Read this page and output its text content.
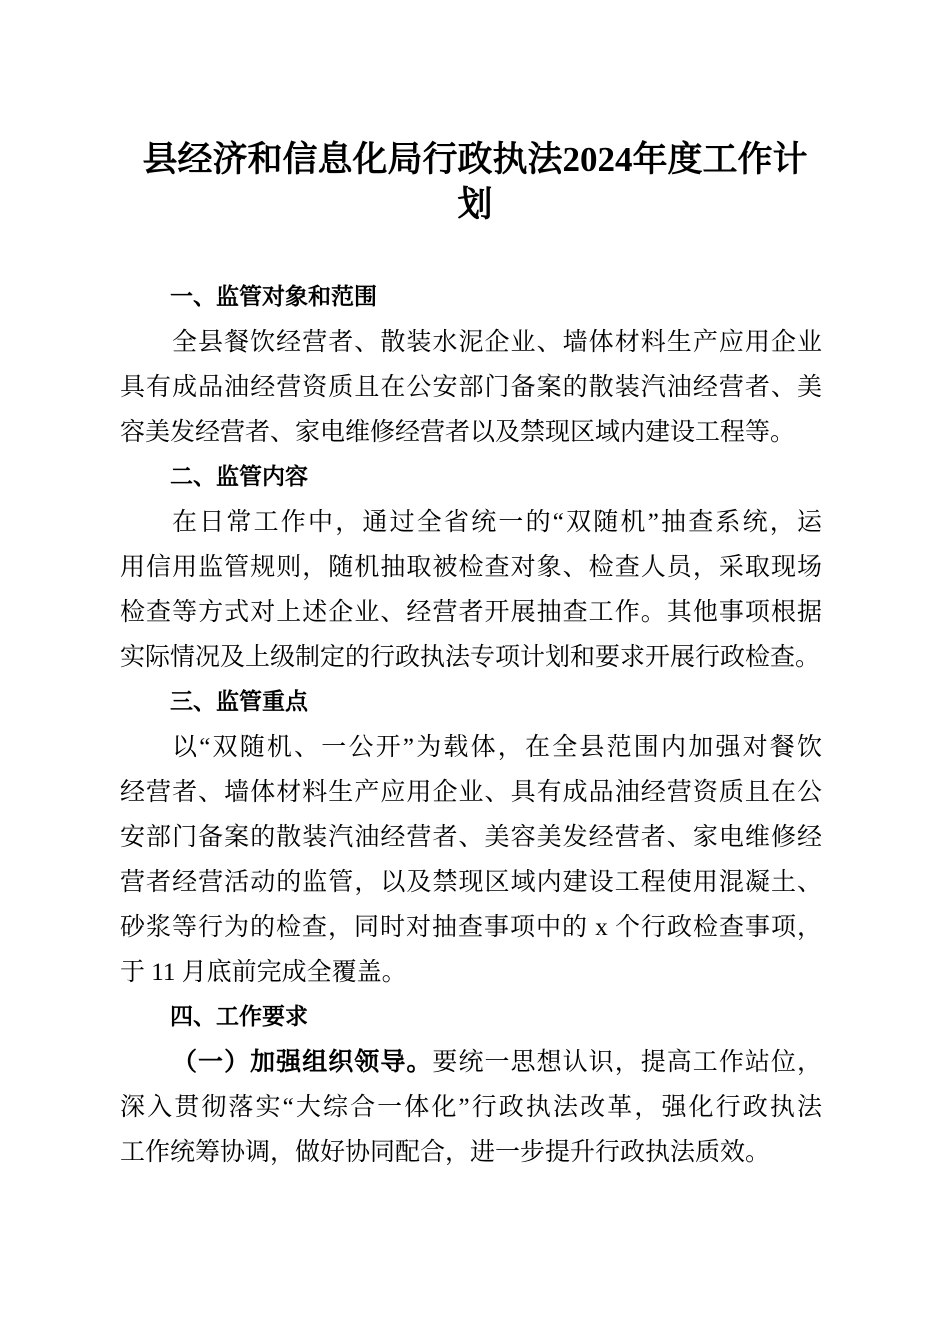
县经济和信息化局行政执法2024年度工作计
划
一、监管对象和范围
全县餐饮经营者、散装水泥企业、墙体材料生产应用企业
具有成品油经营资质且在公安部门备案的散装汽油经营者、美
容美发经营者、家电维修经营者以及禁现区域内建设工程等。
二、监管内容
在日常工作中，通过全省统一的“双随机”抽查系统，运
用信用监管规则，随机抽取被检查对象、检查人员，采取现场
检查等方式对上述企业、经营者开展抽查工作。其他事项根据
实际情况及上级制定的行政执法专项计划和要求开展行政检查。
三、监管重点
以“双随机、一公开”为载体，在全县范围内加强对餐饮
经营者、墙体材料生产应用企业、具有成品油经营资质且在公
安部门备案的散装汽油经营者、美容美发经营者、家电维修经
营者经营活动的监管，以及禁现区域内建设工程使用混凝土、
砂浆等行为的检查，同时对抽查事项中的 x 个行政检查事项，
于 11 月底前完成全覆盖。
四、工作要求
（一）加强组织领导。要统一思想认识，提高工作站位，
深入贯彻落实“大综合一体化”行政执法改革，强化行政执法
工作统筹协调，做好协同配合，进一步提升行政执法质效。
